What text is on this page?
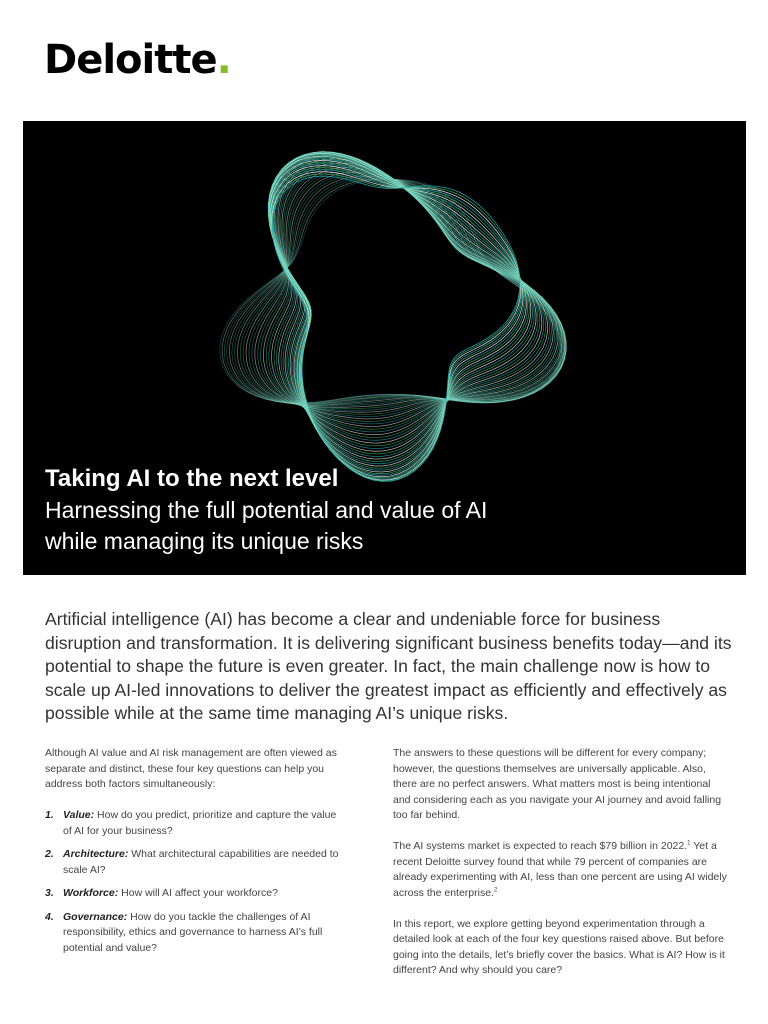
Deloitte.
Taking AI to the next level
Harnessing the full potential and value of AI while managing its unique risks
Artificial intelligence (AI) has become a clear and undeniable force for business disruption and transformation. It is delivering significant business benefits today—and its potential to shape the future is even greater. In fact, the main challenge now is how to scale up AI-led innovations to deliver the greatest impact as efficiently and effectively as possible while at the same time managing AI’s unique risks.

Although AI value and AI risk management are often viewed as separate and distinct, these four key questions can help you address both factors simultaneously:

1. Value: How do you predict, prioritize and capture the value of AI for your business?
2. Architecture: What architectural capabilities are needed to scale AI?
3. Workforce: How will AI affect your workforce?
4. Governance: How do you tackle the challenges of AI responsibility, ethics and governance to harness AI’s full potential and value?

The answers to these questions will be different for every company; however, the questions themselves are universally applicable. Also, there are no perfect answers. What matters most is being intentional and considering each as you navigate your AI journey and avoid falling too far behind.

The AI systems market is expected to reach $79 billion in 2022.$^1$ Yet a recent Deloitte survey found that while 79 percent of companies are already experimenting with AI, less than one percent are using AI widely across the enterprise.$^2$

In this report, we explore getting beyond experimentation through a detailed look at each of the four key questions raised above. But before going into the details, let’s briefly cover the basics. What is AI? How is it different? And why should you care?
